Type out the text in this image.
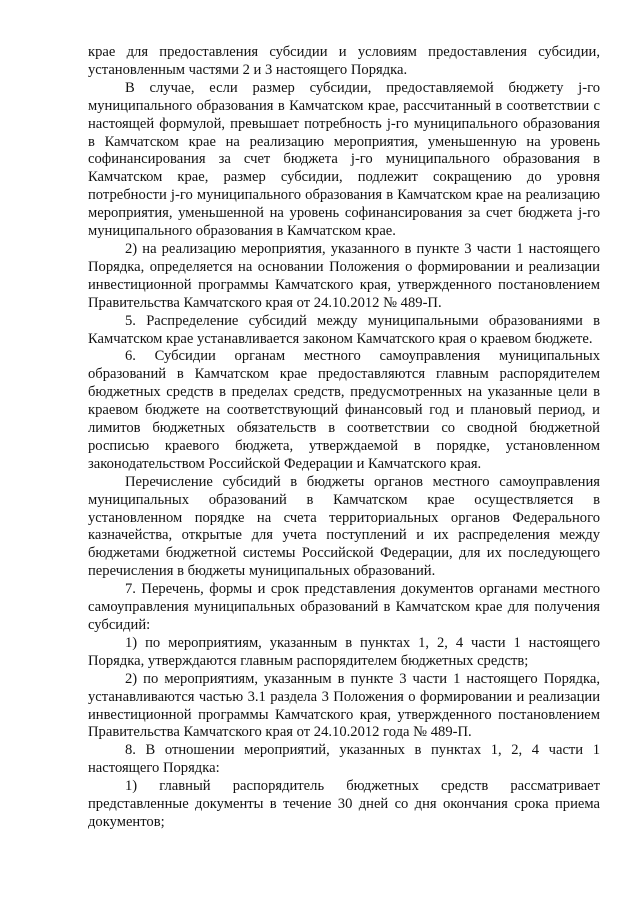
крае для предоставления субсидии и условиям предоставления субсидии, установленным частями 2 и 3 настоящего Порядка.

В случае, если размер субсидии, предоставляемой бюджету j-го муниципального образования в Камчатском крае, рассчитанный в соответствии с настоящей формулой, превышает потребность j-го муниципального образования в Камчатском крае на реализацию мероприятия, уменьшенную на уровень софинансирования за счет бюджета j-го муниципального образования в Камчатском крае, размер субсидии, подлежит сокращению до уровня потребности j-го муниципального образования в Камчатском крае на реализацию мероприятия, уменьшенной на уровень софинансирования за счет бюджета j-го муниципального образования в Камчатском крае.

2) на реализацию мероприятия, указанного в пункте 3 части 1 настоящего Порядка, определяется на основании Положения о формировании и реализации инвестиционной программы Камчатского края, утвержденного постановлением Правительства Камчатского края от 24.10.2012 № 489-П.

5. Распределение субсидий между муниципальными образованиями в Камчатском крае устанавливается законом Камчатского края о краевом бюджете.

6. Субсидии органам местного самоуправления муниципальных образований в Камчатском крае предоставляются главным распорядителем бюджетных средств в пределах средств, предусмотренных на указанные цели в краевом бюджете на соответствующий финансовый год и плановый период, и лимитов бюджетных обязательств в соответствии со сводной бюджетной росписью краевого бюджета, утверждаемой в порядке, установленном законодательством Российской Федерации и Камчатского края.

Перечисление субсидий в бюджеты органов местного самоуправления муниципальных образований в Камчатском крае осуществляется в установленном порядке на счета территориальных органов Федерального казначейства, открытые для учета поступлений и их распределения между бюджетами бюджетной системы Российской Федерации, для их последующего перечисления в бюджеты муниципальных образований.

7. Перечень, формы и срок представления документов органами местного самоуправления муниципальных образований в Камчатском крае для получения субсидий:

1) по мероприятиям, указанным в пунктах 1, 2, 4 части 1 настоящего Порядка, утверждаются главным распорядителем бюджетных средств;

2) по мероприятиям, указанным в пункте 3 части 1 настоящего Порядка, устанавливаются частью 3.1 раздела 3 Положения о формировании и реализации инвестиционной программы Камчатского края, утвержденного постановлением Правительства Камчатского края от 24.10.2012 года № 489-П.

8. В отношении мероприятий, указанных в пунктах 1, 2, 4 части 1 настоящего Порядка:

1) главный распорядитель бюджетных средств рассматривает представленные документы в течение 30 дней со дня окончания срока приема документов;
